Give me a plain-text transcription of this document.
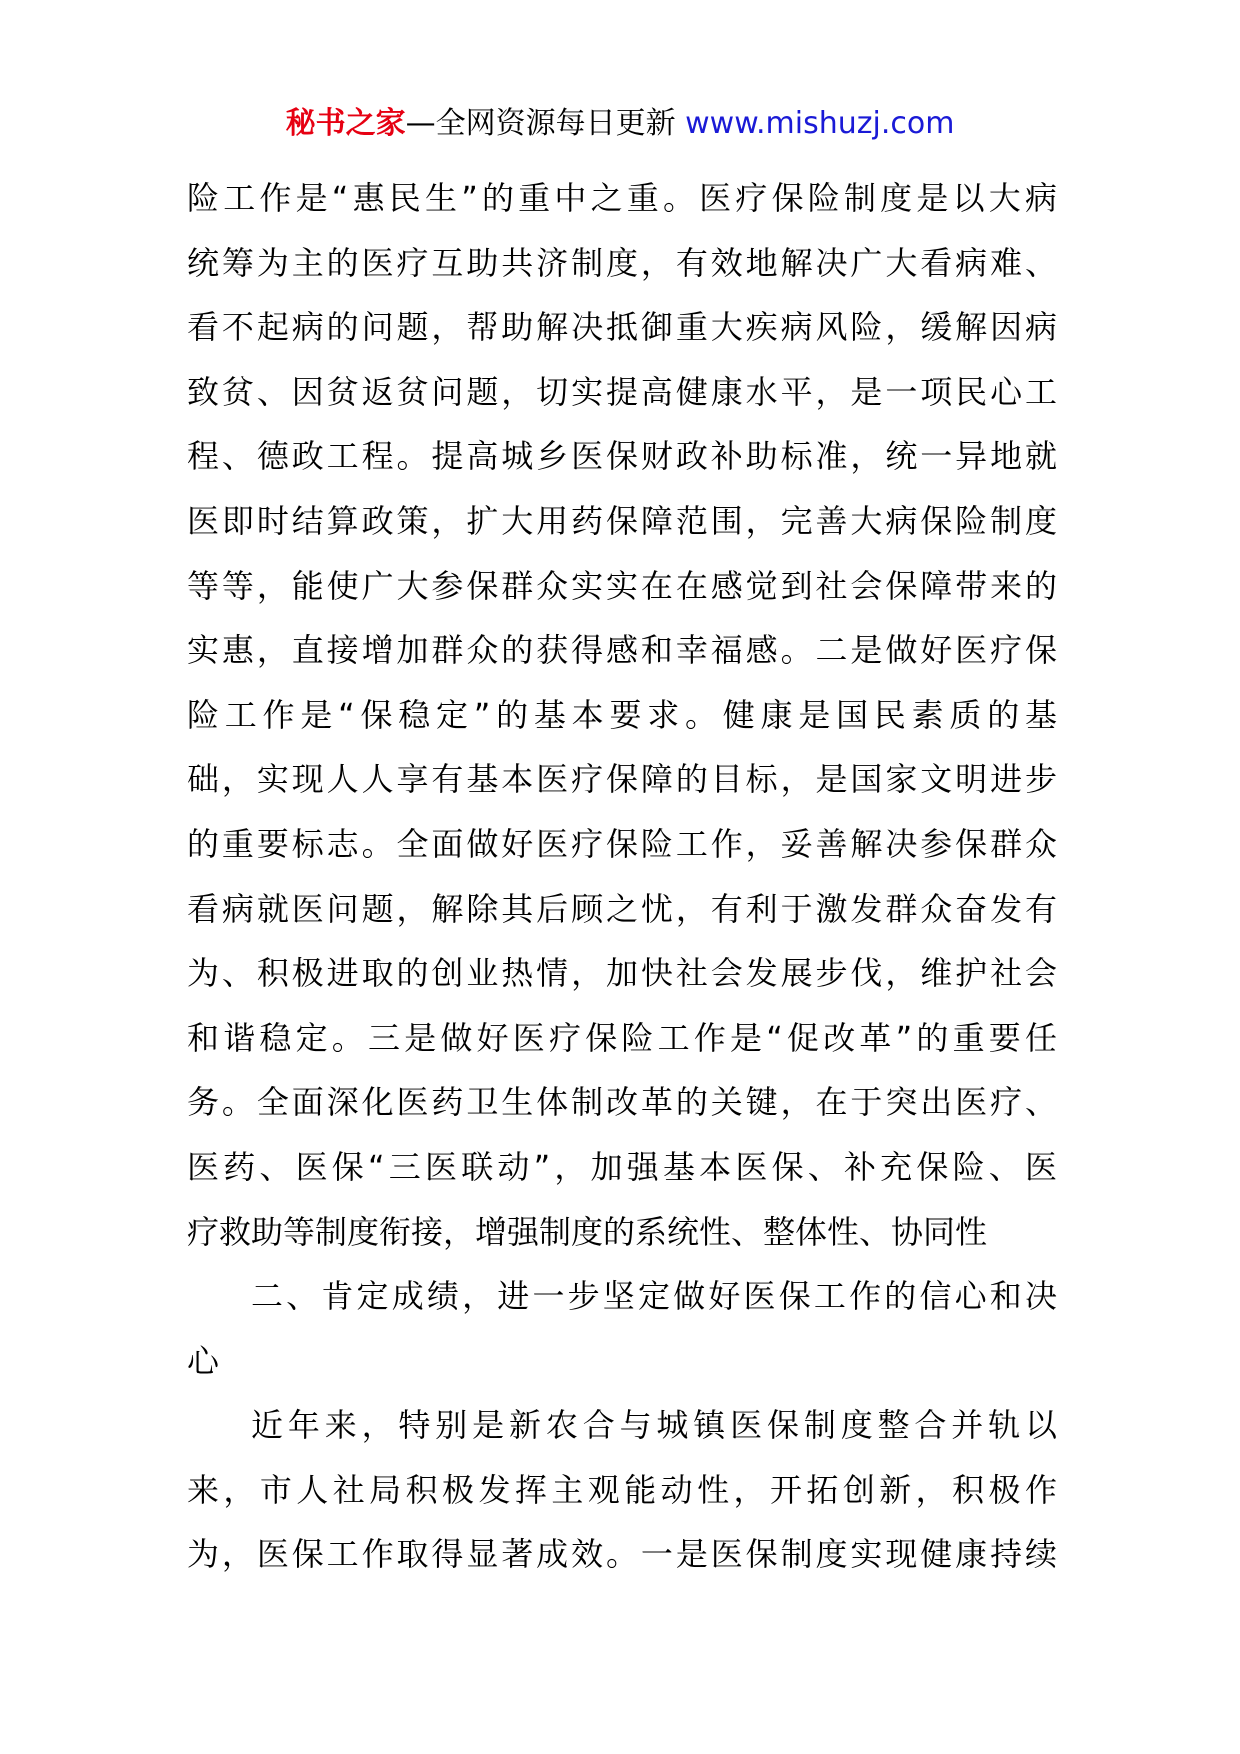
秘书之家—全网资源每日更新 www.mishuzj.com
险工作是“惠民生”的重中之重。医疗保险制度是以大病
统筹为主的医疗互助共济制度，有效地解决广大看病难、
看不起病的问题，帮助解决抵御重大疾病风险，缓解因病
致贫、因贫返贫问题，切实提高健康水平，是一项民心工
程、德政工程。提高城乡医保财政补助标准，统一异地就
医即时结算政策，扩大用药保障范围，完善大病保险制度
等等，能使广大参保群众实实在在感觉到社会保障带来的
实惠，直接增加群众的获得感和幸福感。二是做好医疗保
险工作是“保稳定”的基本要求。健康是国民素质的基
础，实现人人享有基本医疗保障的目标，是国家文明进步
的重要标志。全面做好医疗保险工作，妥善解决参保群众
看病就医问题，解除其后顾之忧，有利于激发群众奋发有
为、积极进取的创业热情，加快社会发展步伐，维护社会
和谐稳定。三是做好医疗保险工作是“促改革”的重要任
务。全面深化医药卫生体制改革的关键，在于突出医疗、
医药、医保“三医联动”，加强基本医保、补充保险、医
疗救助等制度衔接，增强制度的系统性、整体性、协同性
二、肯定成绩，进一步坚定做好医保工作的信心和决
心
近年来，特别是新农合与城镇医保制度整合并轨以
来，市人社局积极发挥主观能动性，开拓创新，积极作
为，医保工作取得显著成效。一是医保制度实现健康持续
